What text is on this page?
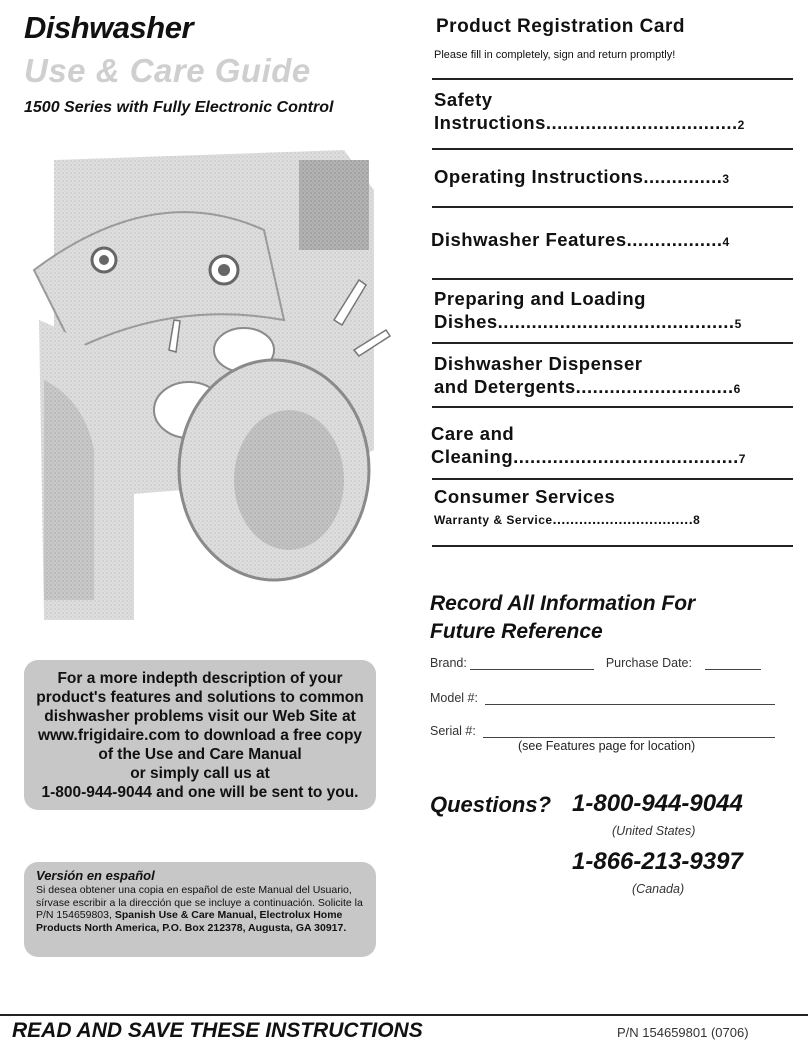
Dishwasher
Use & Care Guide

1500 Series with Fully Electronic Control

For a more indepth description of your
product's features and solutions to common
dishwasher problems visit our Web Site at
www.frigidaire.com to download a free copy
of the Use and Care Manual
or simply call us at
1-800-944-9044 and one will be sent to you.

Versión en español

Si desea obtener una copia en español de este Manual del Usuario, sírvase escribir a la dirección que se incluye a continuación. Solicite la P/N 154659803, Spanish Use & Care Manual, Electrolux Home Products North America, P.O. Box 212378, Augusta, GA 30917.

Product Registration Card

Please fill in completely, sign and return promptly!

Safety
Instructions..................................2
Operating Instructions..............3
Dishwasher Features.................4
Preparing and Loading
Dishes..........................................5
Dishwasher Dispenser
and Detergents............................6
Care and
Cleaning........................................7
Consumer Services
Warranty & Service................................8
Record All Information For
Future Reference
Brand:	Purchase Date:
Model #:
Serial #:
(see Features page for location)
Questions? 1-800-944-9044
(United States)
1-866-213-9397
(Canada)
READ AND SAVE THESE INSTRUCTIONS	P/N 154659801 (0706)
